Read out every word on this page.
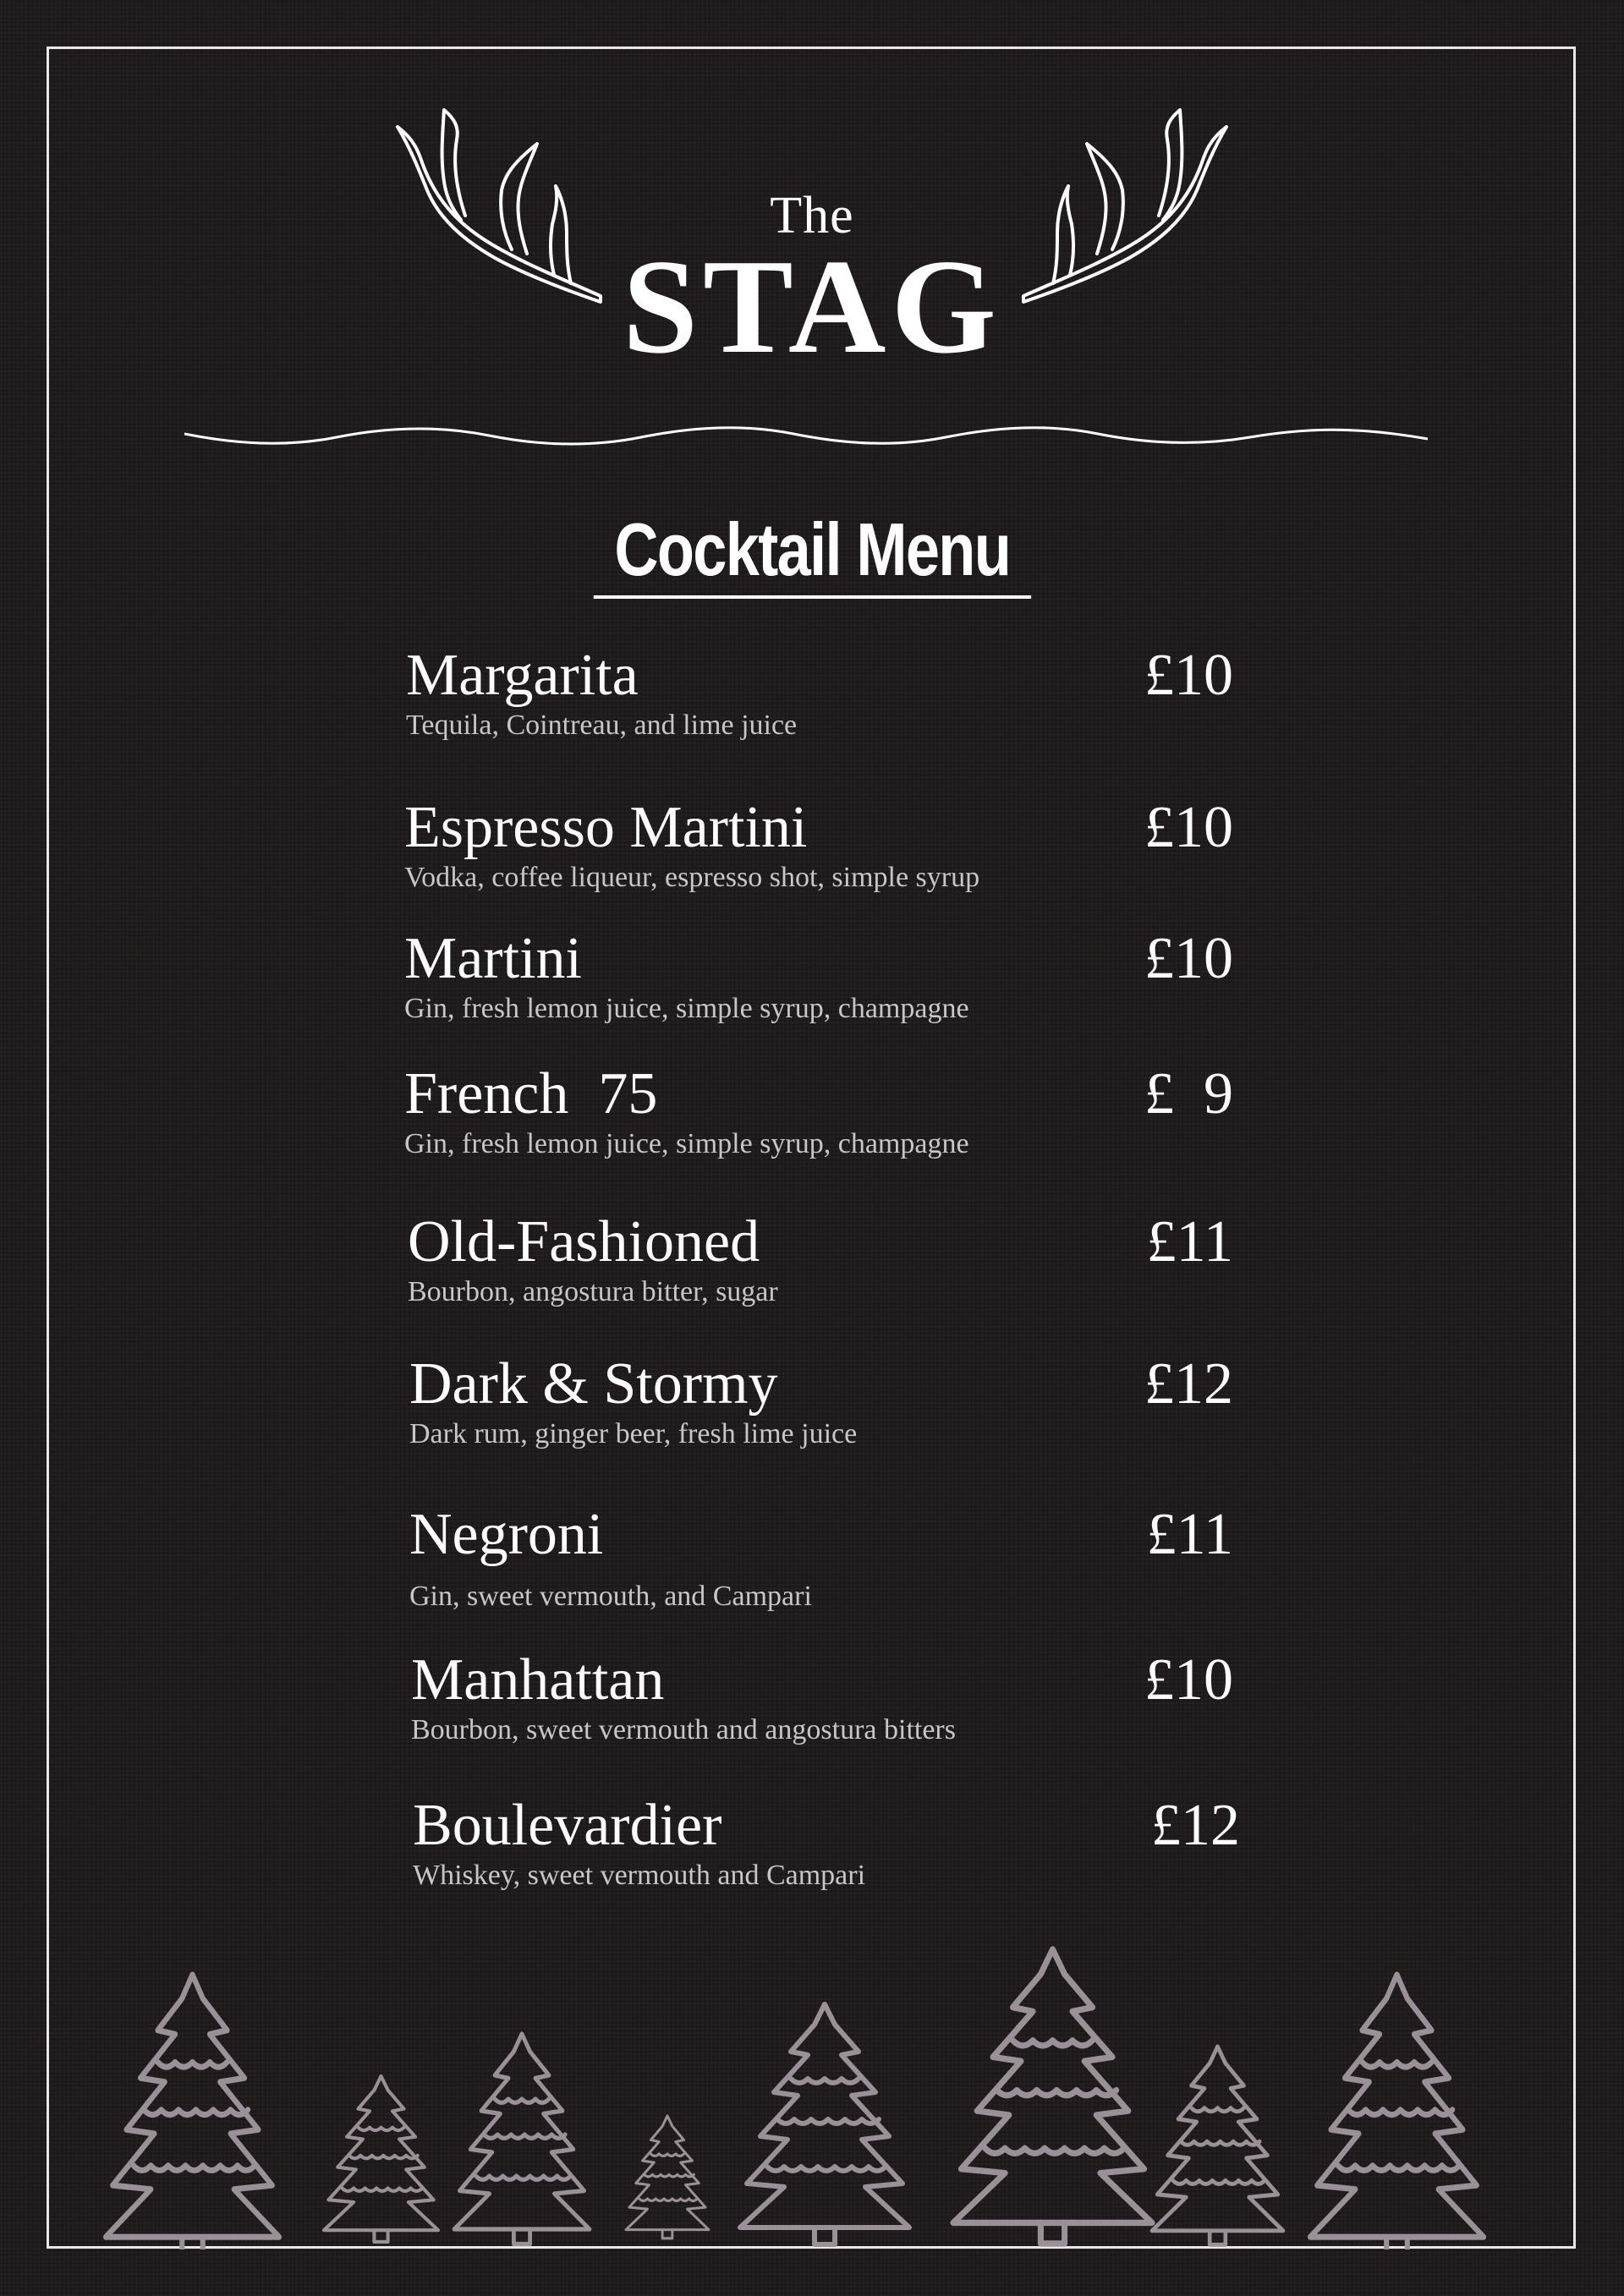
The

STAG
Cocktail Menu
Margarita	£10
Tequila, Cointreau, and lime juice
Espresso Martini	£10
Vodka, coffee liqueur, espresso shot, simple syrup
Martini	£10
Gin, fresh lemon juice, simple syrup, champagne
French  75	£  9
Gin, fresh lemon juice, simple syrup, champagne
Old-Fashioned	£11
Bourbon, angostura bitter, sugar
Dark & Stormy	£12
Dark rum, ginger beer, fresh lime juice
Negroni	£11
Gin, sweet vermouth, and Campari
Manhattan	£10
Bourbon, sweet vermouth and angostura bitters
Boulevardier	£12
Whiskey, sweet vermouth and Campari
